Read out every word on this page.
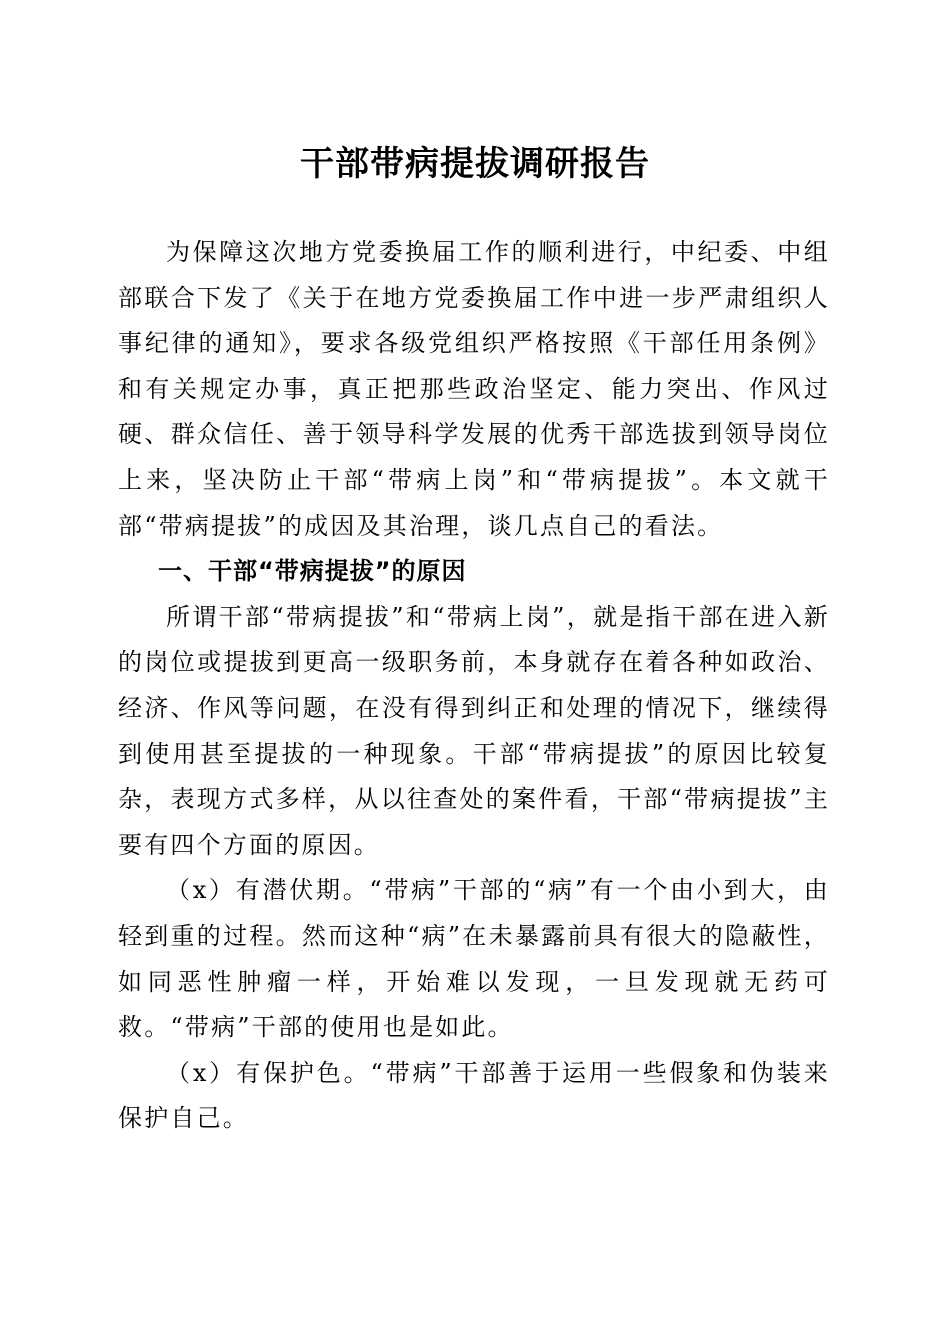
干部带病提拔调研报告

为保障这次地方党委换届工作的顺利进行，中纪委、中组部联合下发了《关于在地方党委换届工作中进一步严肃组织人事纪律的通知》，要求各级党组织严格按照《干部任用条例》和有关规定办事，真正把那些政治坚定、能力突出、作风过硬、群众信任、善于领导科学发展的优秀干部选拔到领导岗位上来，坚决防止干部“带病上岗”和“带病提拔”。本文就干部“带病提拔”的成因及其治理，谈几点自己的看法。

一、干部“带病提拔”的原因

所谓干部“带病提拔”和“带病上岗”，就是指干部在进入新的岗位或提拔到更高一级职务前，本身就存在着各种如政治、经济、作风等问题，在没有得到纠正和处理的情况下，继续得到使用甚至提拔的一种现象。干部“带病提拔”的原因比较复杂，表现方式多样，从以往查处的案件看，干部“带病提拔”主要有四个方面的原因。

（x）有潜伏期。“带病”干部的“病”有一个由小到大，由轻到重的过程。然而这种“病”在未暴露前具有很大的隐蔽性，如同恶性肿瘤一样，开始难以发现，一旦发现就无药可救。“带病”干部的使用也是如此。

（x）有保护色。“带病”干部善于运用一些假象和伪装来保护自己。
